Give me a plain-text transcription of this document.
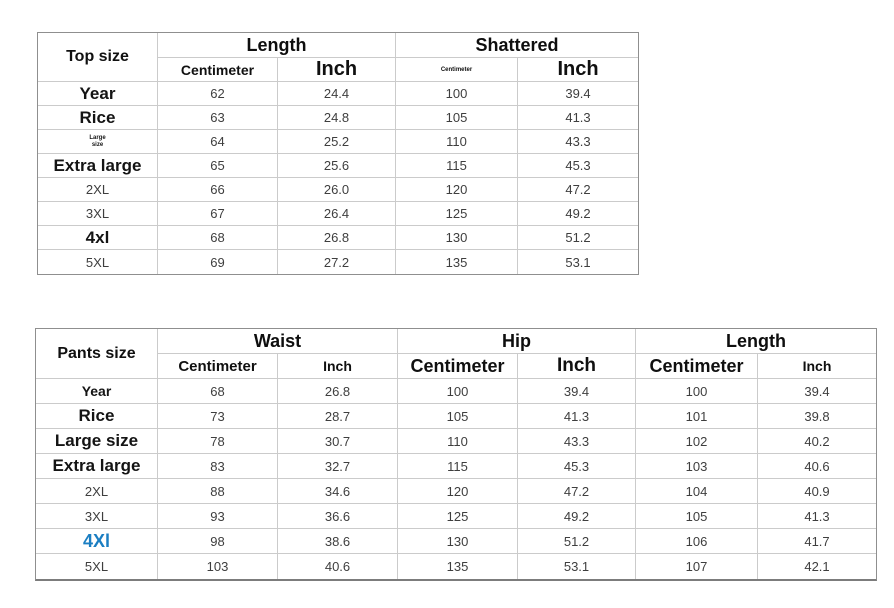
Top size	Length		Shattered	
	Centimeter	Inch	Centimeter	Inch
Year	62	24.4	100	39.4
Rice	63	24.8	105	41.3
Large size	64	25.2	110	43.3
Extra large	65	25.6	115	45.3
2XL	66	26.0	120	47.2
3XL	67	26.4	125	49.2
4xl	68	26.8	130	51.2
5XL	69	27.2	135	53.1
Pants size	Waist		Hip		Length	
	Centimeter	Inch	Centimeter	Inch	Centimeter	Inch
Year	68	26.8	100	39.4	100	39.4
Rice	73	28.7	105	41.3	101	39.8
Large size	78	30.7	110	43.3	102	40.2
Extra large	83	32.7	115	45.3	103	40.6
2XL	88	34.6	120	47.2	104	40.9
3XL	93	36.6	125	49.2	105	41.3
4Xl	98	38.6	130	51.2	106	41.7
5XL	103	40.6	135	53.1	107	42.1
